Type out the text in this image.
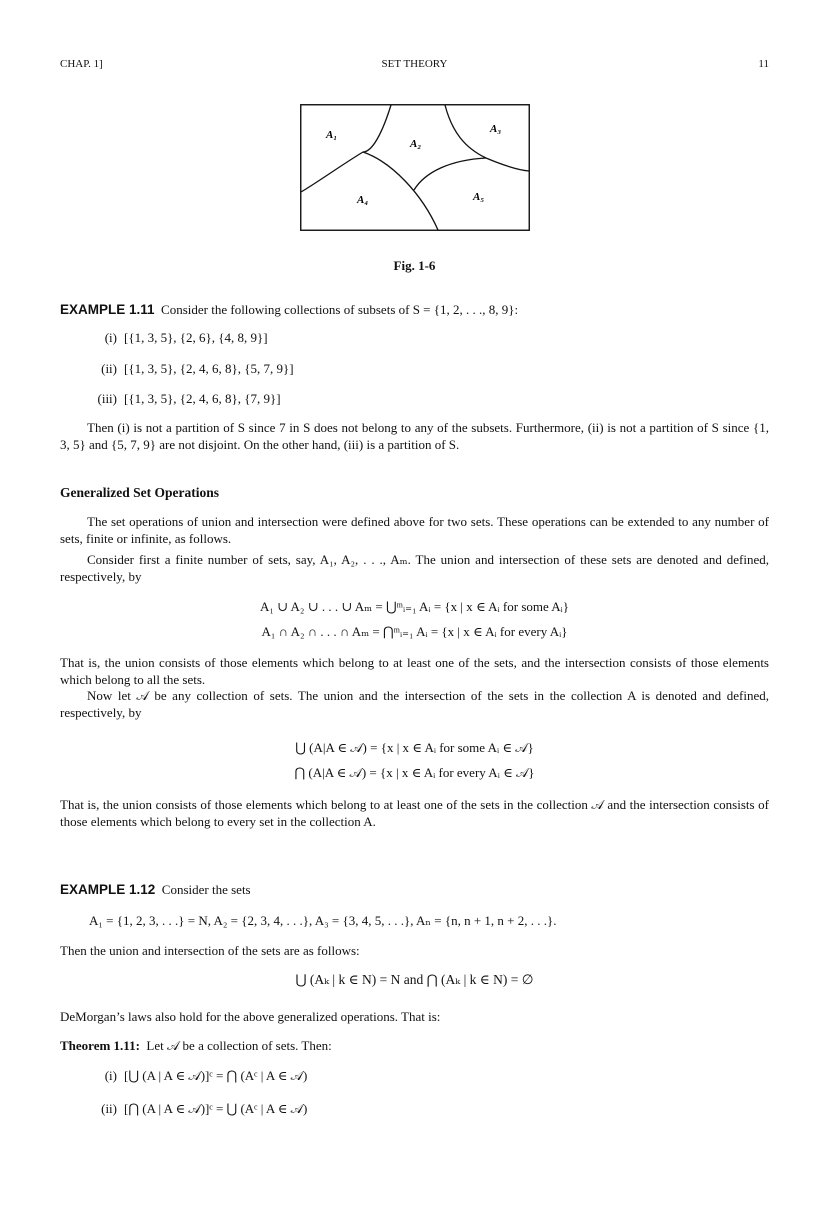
CHAP. 1]	SET THEORY	11
A₁
A₂
A₃
A₄	A₅
Fig. 1-6
EXAMPLE 1.11 Consider the following collections of subsets of S = {1, 2, . . ., 8, 9}:
(i) [{1, 3, 5}, {2, 6}, {4, 8, 9}]
(ii) [{1, 3, 5}, {2, 4, 6, 8}, {5, 7, 9}]
(iii) [{1, 3, 5}, {2, 4, 6, 8}, {7, 9}]
Then (i) is not a partition of S since 7 in S does not belong to any of the subsets. Furthermore, (ii) is not a partition of S since {1, 3, 5} and {5, 7, 9} are not disjoint. On the other hand, (iii) is a partition of S.
Generalized Set Operations
The set operations of union and intersection were defined above for two sets. These operations can be extended to any number of sets, finite or infinite, as follows.
Consider first a finite number of sets, say, A₁, A₂, . . ., Aₘ. The union and intersection of these sets are denoted and defined, respectively, by
A₁ ∪ A₂ ∪ . . . ∪ Aₘ = ⋃ᵐᵢ₌₁ Aᵢ = {x | x ∈ Aᵢ for some Aᵢ}
A₁ ∩ A₂ ∩ . . . ∩ Aₘ = ⋂ᵐᵢ₌₁ Aᵢ = {x | x ∈ Aᵢ for every Aᵢ}
That is, the union consists of those elements which belong to at least one of the sets, and the intersection consists of those elements which belong to all the sets.
Now let 𝒜 be any collection of sets. The union and the intersection of the sets in the collection A is denoted and defined, respectively, by
⋃ (A|A ∈ 𝒜) = {x | x ∈ Aᵢ for some Aᵢ ∈ 𝒜}
⋂ (A|A ∈ 𝒜) = {x | x ∈ Aᵢ for every Aᵢ ∈ 𝒜}
That is, the union consists of those elements which belong to at least one of the sets in the collection 𝒜 and the intersection consists of those elements which belong to every set in the collection A.
EXAMPLE 1.12 Consider the sets
A₁ = {1, 2, 3, . . .} = N, A₂ = {2, 3, 4, . . .}, A₃ = {3, 4, 5, . . .}, Aₙ = {n, n + 1, n + 2, . . .}.
Then the union and intersection of the sets are as follows:
⋃ (Aₖ | k ∈ N) = N and ⋂ (Aₖ | k ∈ N) = ∅
DeMorgan’s laws also hold for the above generalized operations. That is:
Theorem 1.11: Let 𝒜 be a collection of sets. Then:
(i) [⋃ (A | A ∈ 𝒜)]ᶜ = ⋂ (Aᶜ | A ∈ 𝒜)
(ii) [⋂ (A | A ∈ 𝒜)]ᶜ = ⋃ (Aᶜ | A ∈ 𝒜)
